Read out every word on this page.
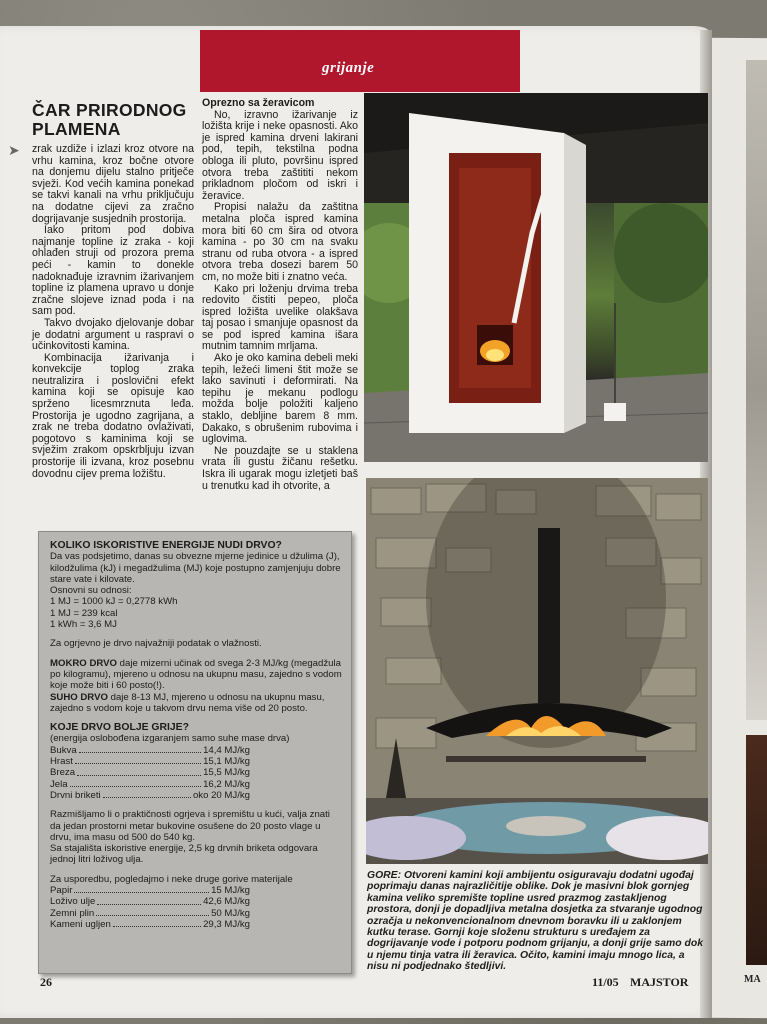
MA
grijanje
ČAR PRIRODNOG PLAMENA
➤ zrak uzdiže i izlazi kroz otvore na vrhu kamina, kroz bočne otvore na donjemu dijelu stalno pritječe svježi. Kod većih kamina ponekad se takvi kanali na vrhu priključuju na dodatne cijevi za zračno dogrijavanje susjednih prostorija.

Iako pritom pod dobiva najmanje topline iz zraka - koji ohlađen struji od prozora prema peći - kamin to donekle nadoknađuje izravnim ižarivanjem topline iz plamena upravo u donje zračne slojeve iznad poda i na sam pod.

Takvo dvojako djelovanje dobar je dodatni argument u raspravi o učinkovitosti kamina.

Kombinacija ižarivanja i konvekcije toplog zraka neutralizira i poslovični efekt kamina koji se opisuje kao sprženo licesmrznuta leđa. Prostorija je ugodno zagrijana, a zrak ne treba dodatno ovlaživati, pogotovo s kaminima koji se svježim zrakom opskrbljuju izvan prostorije ili izvana, kroz posebnu dovodnu cijev prema ložištu.

Oprezno sa žeravicom

No, izravno ižarivanje iz ložišta krije i neke opasnosti. Ako je ispred kamina drveni lakirani pod, tepih, tekstilna podna obloga ili pluto, površinu ispred otvora treba zaštititi nekom prikladnom pločom od iskri i žeravice.

Propisi nalažu da zaštitna metalna ploča ispred kamina mora biti 60 cm šira od otvora kamina - po 30 cm na svaku stranu od ruba otvora - a ispred otvora treba dosezi barem 50 cm, no može biti i znatno veća.

Kako pri loženju drvima treba redovito čistiti pepeo, ploča ispred ložišta uvelike olakšava taj posao i smanjuje opasnost da se pod ispred kamina išara mutnim tamnim mrljama.

Ako je oko kamina debeli meki tepih, ležeći limeni štit može se lako savinuti i deformirati. Na tepihu je mekanu podlogu možda bolje položiti kaljeno staklo, debljine barem 8 mm. Dakako, s obrušenim rubovima i uglovima.

Ne pouzdajte se u staklena vrata ili gustu žičanu rešetku. Iskra ili ugarak mogu izletjeti baš u trenutku kad ih otvorite, a

GORE: Otvoreni kamini koji ambijentu osiguravaju dodatni ugođaj poprimaju danas najrazličitije oblike. Dok je masivni blok gornjeg kamina veliko spremište topline usred prazmog zastakljenog prostora, donji je dopadljiva metalna dosjetka za stvaranje ugodnog ozračja u nekonvencionalnom dnevnom boravku ili u zaklonjem kutku terase. Gornji koje složenu strukturu s uređajem za dogrijavanje vode i potporu podnom grijanju, a donji grije samo dok u njemu tinja vatra ili žeravica. Očito, kamini imaju mnogo lica, a nisu ni podjednako štedljivi.
KOLIKO ISKORISTIVE ENERGIJE NUDI DRVO?
Da vas podsjetimo, danas su obvezne mjerne jedinice u džulima (J), kilodžulima (kJ) i megadžulima (MJ) koje postupno zamjenjuju dobre stare vate i kilovate.
Osnovni su odnosi:
1 MJ = 1000 kJ = 0,2778 kWh
1 MJ = 239 kcal
1 kWh = 3,6 MJ
Za ogrjevno je drvo najvažniji podatak o vlažnosti.
MOKRO DRVO daje mizerni učinak od svega 2-3 MJ/kg (megadžula po kilogramu), mjereno u odnosu na ukupnu masu, zajedno s vodom koje može biti i 60 posto(!).
SUHO DRVO daje 8-13 MJ, mjereno u odnosu na ukupnu masu, zajedno s vodom koje u takvom drvu nema više od 20 posto.
KOJE DRVO BOLJE GRIJE?
(energija oslobođena izgaranjem samo suhe mase drva)
Bukva	14,4 MJ/kg
Hrast	15,1 MJ/kg
Breza	15,5 MJ/kg
Jela	16,2 MJ/kg
Drvni briketi	oko 20 MJ/kg
Razmišljamo li o praktičnosti ogrjeva i spremištu u kući, valja znati da jedan prostorni metar bukovine osušene do 20 posto vlage u drvu, ima masu od 500 do 540 kg.
Sa stajališta iskoristive energije, 2,5 kg drvnih briketa odgovara jednoj litri loživog ulja.
Za usporedbu, pogledajmo i neke druge gorive materijale
Papir	15 MJ/kg
Loživo ulje	42,6 MJ/kg
Zemni plin	50 MJ/kg
Kameni ugljen	29,3 MJ/kg
26	11/05 MAJSTOR
